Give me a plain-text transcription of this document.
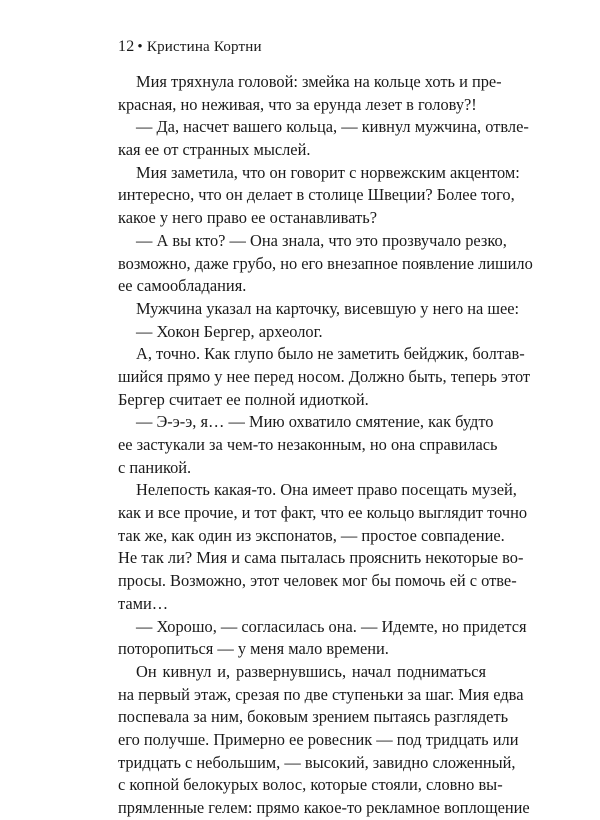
12 • Кристина Кортни
Мия тряхнула головой: змейка на кольце хоть и пре-
красная, но неживая, что за ерунда лезет в голову?!
— Да, насчет вашего кольца, — кивнул мужчина, отвле-
кая ее от странных мыслей.
Мия заметила, что он говорит с норвежским акцентом:
интересно, что он делает в столице Швеции? Более того,
какое у него право ее останавливать?
— А вы кто? — Она знала, что это прозвучало резко,
возможно, даже грубо, но его внезапное появление лишило
ее самообладания.
Мужчина указал на карточку, висевшую у него на шее:
— Хокон Бергер, археолог.
А, точно. Как глупо было не заметить бейджик, болтав-
шийся прямо у нее перед носом. Должно быть, теперь этот
Бергер считает ее полной идиоткой.
— Э-э-э, я… — Мию охватило смятение, как будто
ее застукали за чем-то незаконным, но она справилась
с паникой.
Нелепость какая-то. Она имеет право посещать музей,
как и все прочие, и тот факт, что ее кольцо выглядит точно
так же, как один из экспонатов, — простое совпадение.
Не так ли? Мия и сама пыталась прояснить некоторые во-
просы. Возможно, этот человек мог бы помочь ей с отве-
тами…
— Хорошо, — согласилась она. — Идемте, но придется
поторопиться — у меня мало времени.
Он кивнул и, развернувшись, начал подниматься
на первый этаж, срезая по две ступеньки за шаг. Мия едва
поспевала за ним, боковым зрением пытаясь разглядеть
его получше. Примерно ее ровесник — под тридцать или
тридцать с небольшим, — высокий, завидно сложенный,
с копной белокурых волос, которые стояли, словно вы-
прямленные гелем: прямо какое-то рекламное воплощение
